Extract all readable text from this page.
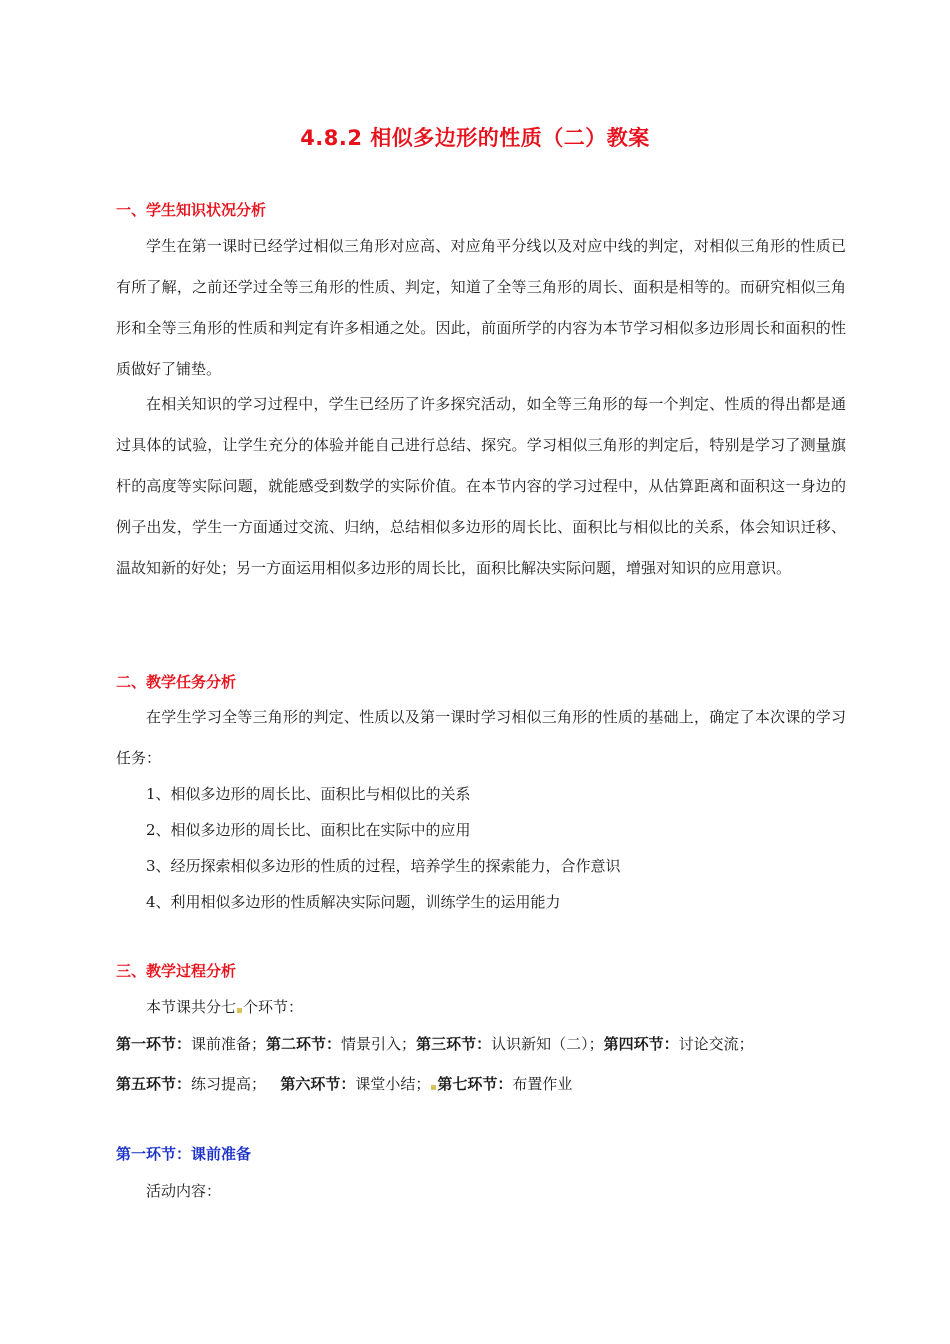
4.8.2 相似多边形的性质（二）教案
一、学生知识状况分析

学生在第一课时已经学过相似三角形对应高、对应角平分线以及对应中线的判定，对相似三角形的性质已有所了解，之前还学过全等三角形的性质、判定，知道了全等三角形的周长、面积是相等的。而研究相似三角形和全等三角形的性质和判定有许多相通之处。因此，前面所学的内容为本节学习相似多边形周长和面积的性质做好了铺垫。

在相关知识的学习过程中，学生已经历了许多探究活动，如全等三角形的每一个判定、性质的得出都是通过具体的试验，让学生充分的体验并能自己进行总结、探究。学习相似三角形的判定后，特别是学习了测量旗杆的高度等实际问题，就能感受到数学的实际价值。在本节内容的学习过程中，从估算距离和面积这一身边的例子出发，学生一方面通过交流、归纳，总结相似多边形的周长比、面积比与相似比的关系，体会知识迁移、温故知新的好处；另一方面运用相似多边形的周长比，面积比解决实际问题，增强对知识的应用意识。

二、教学任务分析

在学生学习全等三角形的判定、性质以及第一课时学习相似三角形的性质的基础上，确定了本次课的学习任务：

1、相似多边形的周长比、面积比与相似比的关系
2、相似多边形的周长比、面积比在实际中的应用
3、经历探索相似多边形的性质的过程，培养学生的探索能力，合作意识
4、利用相似多边形的性质解决实际问题，训练学生的运用能力
三、教学过程分析
本节课共分七 个环节：
第一环节：课前准备；第二环节：情景引入；第三环节：认识新知（二）；第四环节：讨论交流；
第五环节：练习提高； 第六环节：课堂小结； 第七环节：布置作业
第一环节：课前准备
活动内容：
